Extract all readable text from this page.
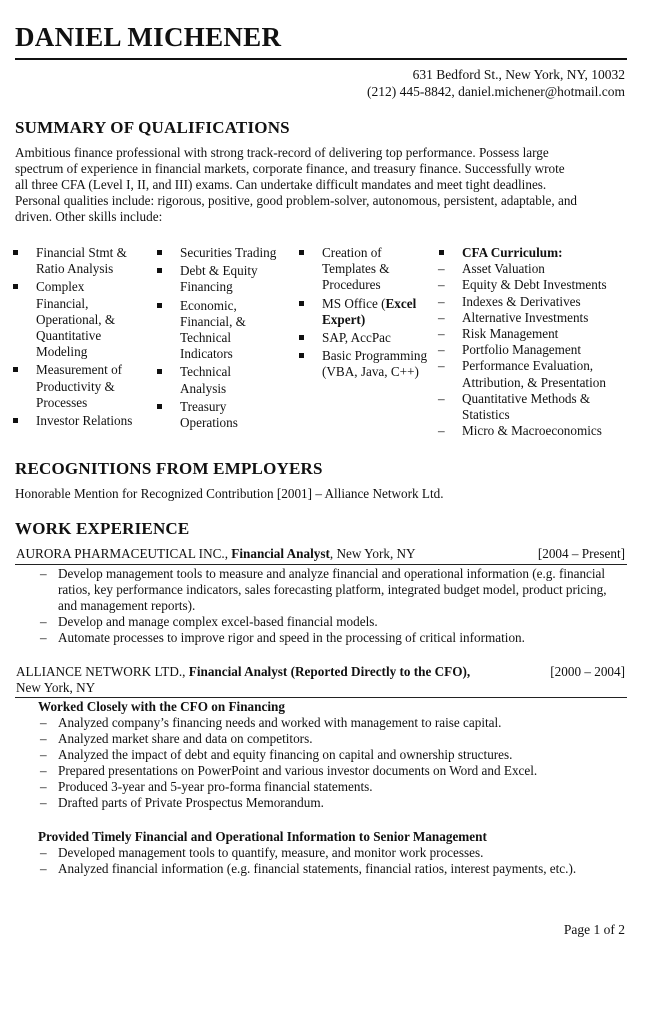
DANIEL MICHENER
631 Bedford St., New York, NY, 10032
(212) 445-8842, daniel.michener@hotmail.com
SUMMARY OF QUALIFICATIONS
Ambitious finance professional with strong track-record of delivering top performance. Possess large
spectrum of experience in financial markets, corporate finance, and treasury finance. Successfully wrote
all three CFA (Level I, II, and III) exams. Can undertake difficult mandates and meet tight deadlines.
Personal qualities include: rigorous, positive, good problem-solver, autonomous, persistent, adaptable, and
driven. Other skills include:
Financial Stmt & Ratio Analysis
Complex Financial, Operational, & Quantitative Modeling
Measurement of Productivity & Processes
Investor Relations
Securities Trading
Debt & Equity Financing
Economic, Financial, & Technical Indicators
Technical Analysis
Treasury Operations
Creation of Templates & Procedures
MS Office (Excel Expert)
SAP, AccPac
Basic Programming (VBA, Java, C++)
CFA Curriculum:
– Asset Valuation
– Equity & Debt Investments
– Indexes & Derivatives
– Alternative Investments
– Risk Management
– Portfolio Management
– Performance Evaluation, Attribution, & Presentation
– Quantitative Methods & Statistics
– Micro & Macroeconomics
RECOGNITIONS FROM EMPLOYERS
Honorable Mention for Recognized Contribution [2001] – Alliance Network Ltd.
WORK EXPERIENCE
AURORA PHARMACEUTICAL INC., Financial Analyst, New York, NY	[2004 – Present]
– Develop management tools to measure and analyze financial and operational information (e.g. financial ratios, key performance indicators, sales forecasting platform, integrated budget model, product pricing, and management reports).
– Develop and manage complex excel-based financial models.
– Automate processes to improve rigor and speed in the processing of critical information.
ALLIANCE NETWORK LTD., Financial Analyst (Reported Directly to the CFO),	[2000 – 2004]
New York, NY
Worked Closely with the CFO on Financing
– Analyzed company’s financing needs and worked with management to raise capital.
– Analyzed market share and data on competitors.
– Analyzed the impact of debt and equity financing on capital and ownership structures.
– Prepared presentations on PowerPoint and various investor documents on Word and Excel.
– Produced 3-year and 5-year pro-forma financial statements.
– Drafted parts of Private Prospectus Memorandum.
Provided Timely Financial and Operational Information to Senior Management
– Developed management tools to quantify, measure, and monitor work processes.
– Analyzed financial information (e.g. financial statements, financial ratios, interest payments, etc.).
Page 1 of 2
